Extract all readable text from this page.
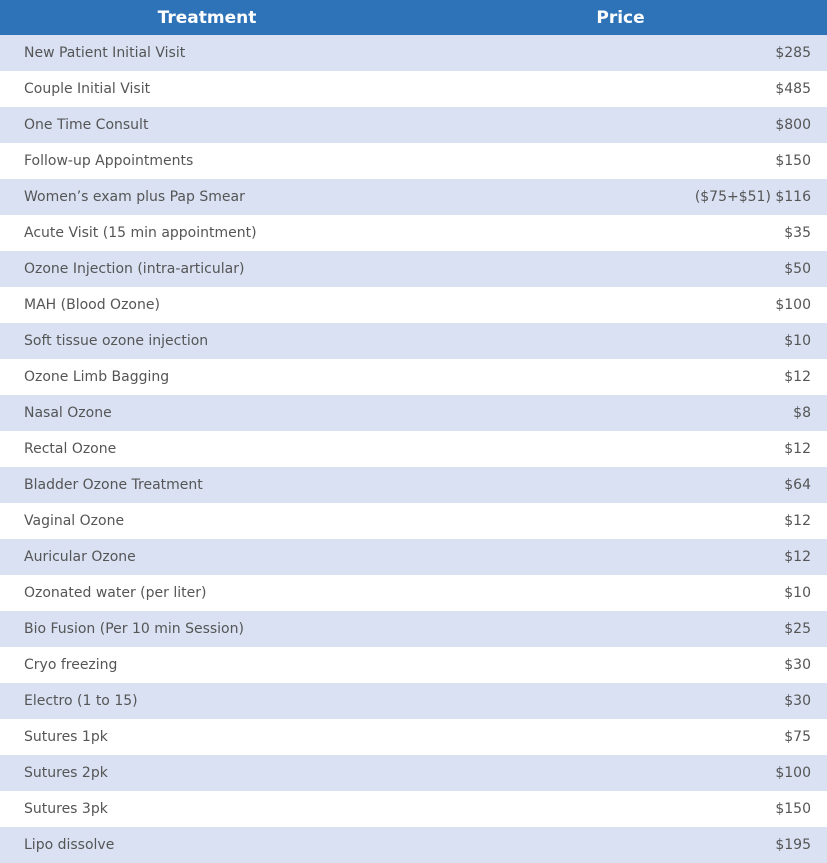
Treatment	Price
New Patient Initial Visit	$285
Couple Initial Visit	$485
One Time Consult	$800
Follow-up Appointments	$150
Women’s exam plus Pap Smear	($75+$51) $116
Acute Visit (15 min appointment)	$35
Ozone Injection (intra-articular)	$50
MAH (Blood Ozone)	$100
Soft tissue ozone injection	$10
Ozone Limb Bagging	$12
Nasal Ozone	$8
Rectal Ozone	$12
Bladder Ozone Treatment	$64
Vaginal Ozone	$12
Auricular Ozone	$12
Ozonated water (per liter)	$10
Bio Fusion (Per 10 min Session)	$25
Cryo freezing	$30
Electro (1 to 15)	$30
Sutures 1pk	$75
Sutures 2pk	$100
Sutures 3pk	$150
Lipo dissolve	$195
